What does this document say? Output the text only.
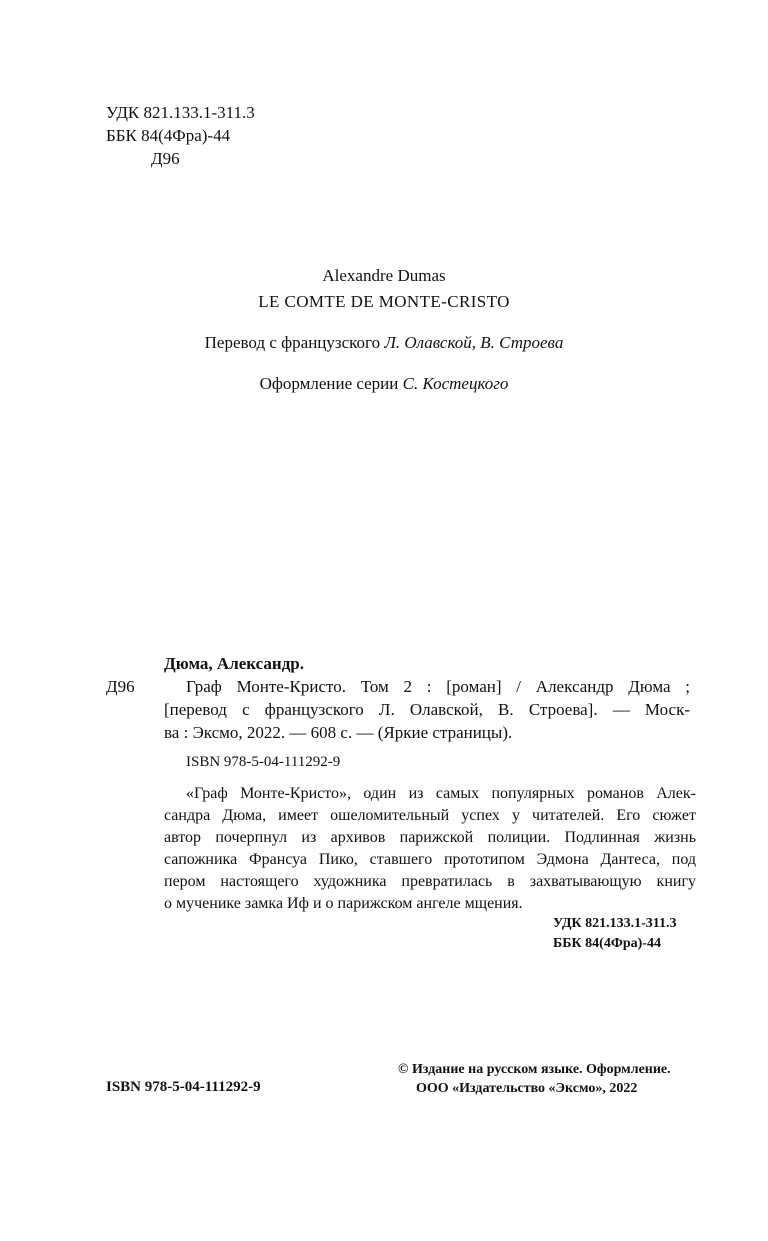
УДК 821.133.1-311.3
ББК 84(4Фра)-44
Д96
Alexandre Dumas
LE COMTE DE MONTE-CRISTO
Перевод с французского Л. Олавской, В. Строева
Оформление серии С. Костецкого
Дюма, Александр.
Д96	Граф Монте-Кристо. Том 2 : [роман] / Александр Дюма ;
[перевод с французского Л. Олавской, В. Строева]. — Моск-
ва : Эксмо, 2022. — 608 с. — (Яркие страницы).
ISBN 978-5-04-111292-9
«Граф Монте-Кристо», один из самых популярных романов Алек-
сандра Дюма, имеет ошеломительный успех у читателей. Его сюжет
автор почерпнул из архивов парижской полиции. Подлинная жизнь
сапожника Франсуа Пико, ставшего прототипом Эдмона Дантеса, под
пером настоящего художника превратилась в захватывающую книгу
о мученике замка Иф и о парижском ангеле мщения.
УДК 821.133.1-311.3
ББК 84(4Фра)-44
ISBN 978-5-04-111292-9
© Издание на русском языке. Оформление.
ООО «Издательство «Эксмо», 2022
